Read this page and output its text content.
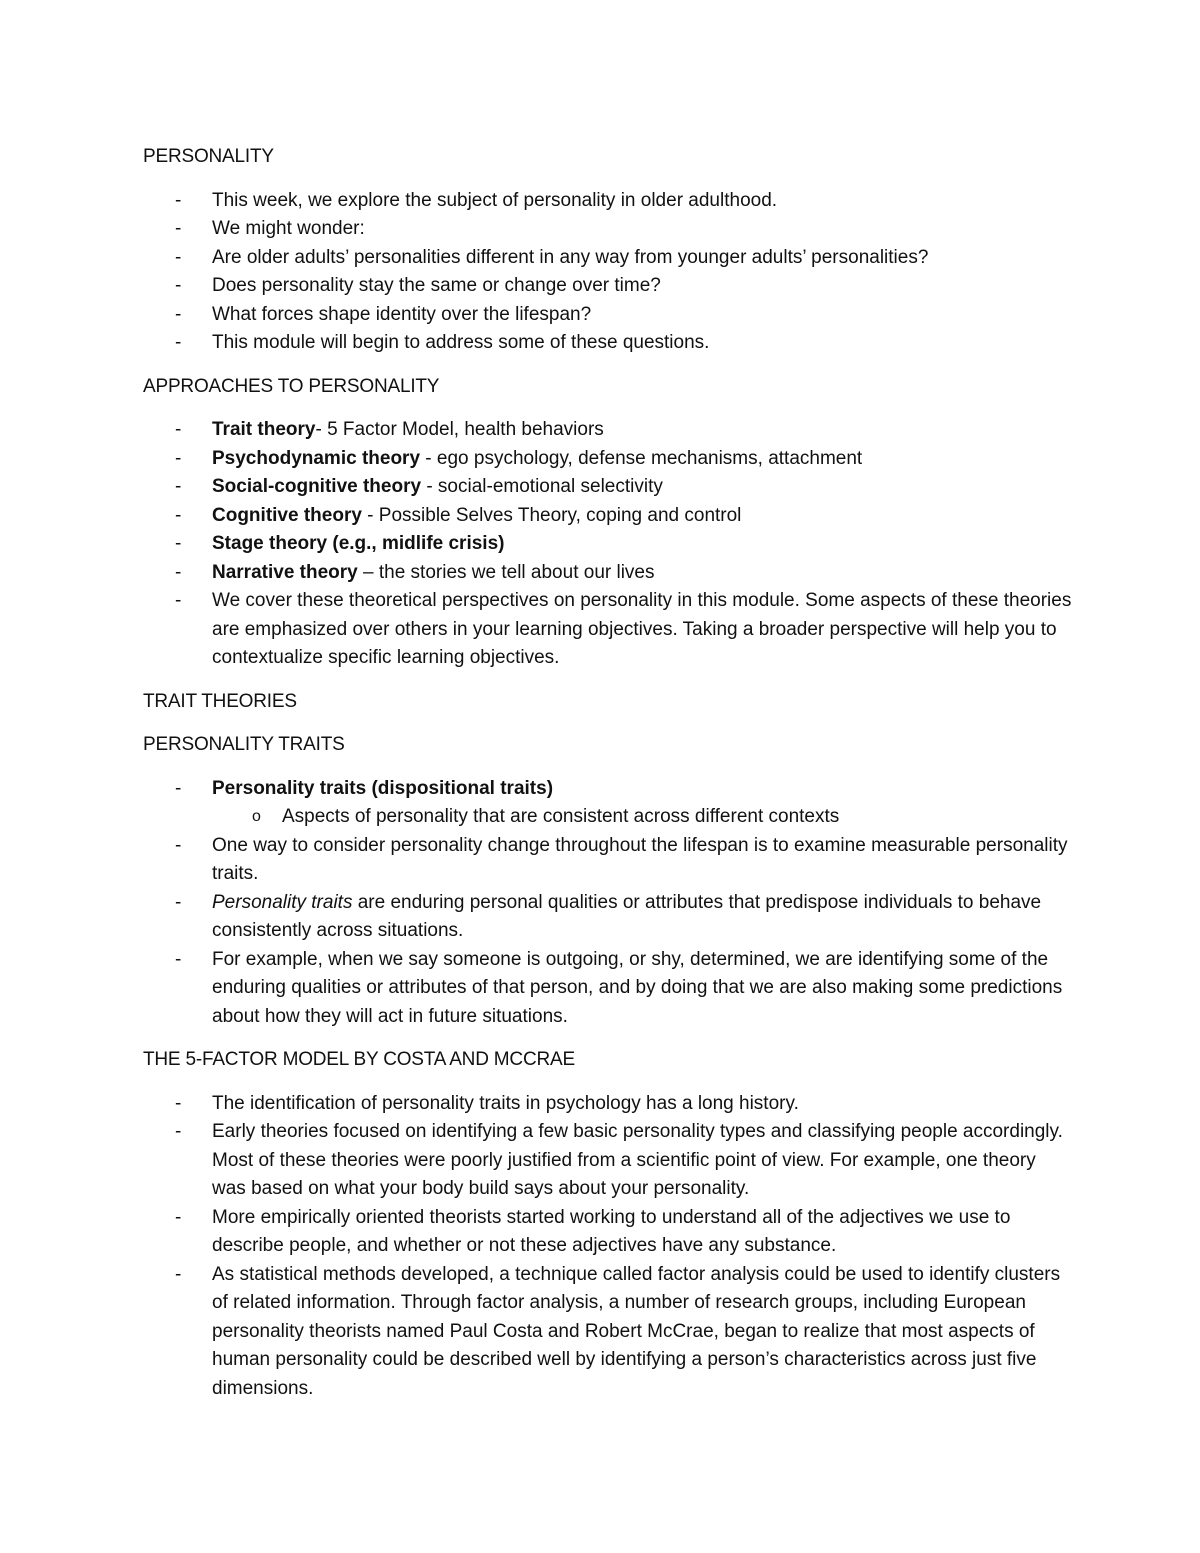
PERSONALITY

- This week, we explore the subject of personality in older adulthood.
- We might wonder:
- Are older adults’ personalities different in any way from younger adults’ personalities?
- Does personality stay the same or change over time?
- What forces shape identity over the lifespan?
- This module will begin to address some of these questions.

APPROACHES TO PERSONALITY

- Trait theory- 5 Factor Model, health behaviors
- Psychodynamic theory - ego psychology, defense mechanisms, attachment
- Social-cognitive theory - social-emotional selectivity
- Cognitive theory - Possible Selves Theory, coping and control
- Stage theory (e.g., midlife crisis)
- Narrative theory – the stories we tell about our lives
- We cover these theoretical perspectives on personality in this module. Some aspects of these theories are emphasized over others in your learning objectives. Taking a broader perspective will help you to contextualize specific learning objectives.

TRAIT THEORIES

PERSONALITY TRAITS

- Personality traits (dispositional traits)
o Aspects of personality that are consistent across different contexts
- One way to consider personality change throughout the lifespan is to examine measurable personality traits.
- Personality traits are enduring personal qualities or attributes that predispose individuals to behave consistently across situations.
- For example, when we say someone is outgoing, or shy, determined, we are identifying some of the enduring qualities or attributes of that person, and by doing that we are also making some predictions about how they will act in future situations.

THE 5-FACTOR MODEL BY COSTA AND MCCRAE

- The identification of personality traits in psychology has a long history.
- Early theories focused on identifying a few basic personality types and classifying people accordingly. Most of these theories were poorly justified from a scientific point of view. For example, one theory was based on what your body build says about your personality.
- More empirically oriented theorists started working to understand all of the adjectives we use to describe people, and whether or not these adjectives have any substance.
- As statistical methods developed, a technique called factor analysis could be used to identify clusters of related information. Through factor analysis, a number of research groups, including European personality theorists named Paul Costa and Robert McCrae, began to realize that most aspects of human personality could be described well by identifying a person’s characteristics across just five dimensions.
